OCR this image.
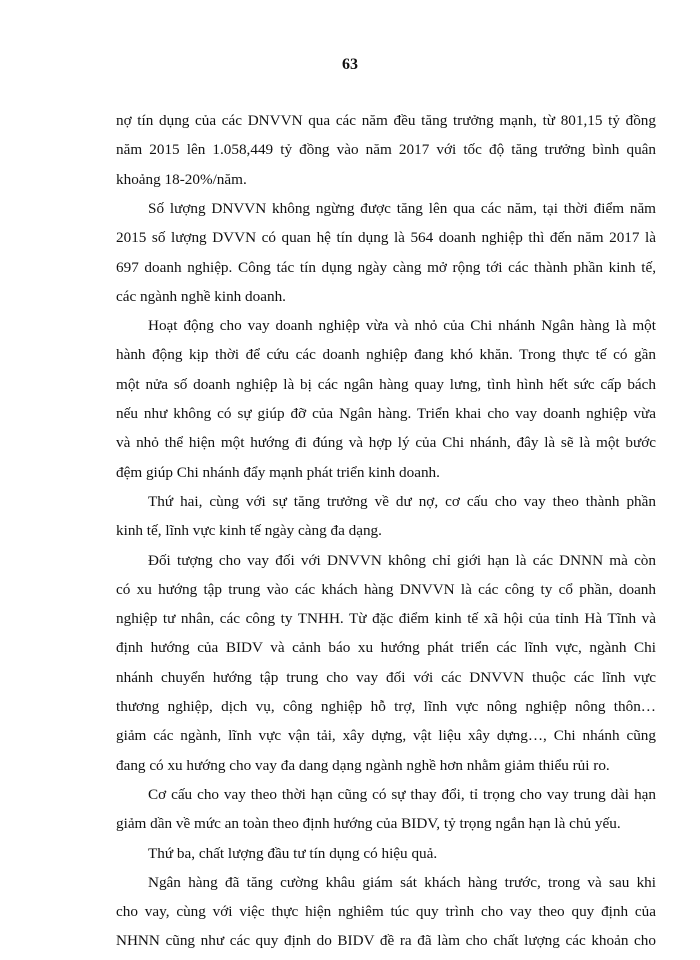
63
nợ tín dụng của các DNVVN qua các năm đều tăng trưởng mạnh, từ 801,15 tỷ đồng
năm 2015 lên 1.058,449 tỷ đồng vào năm 2017 với tốc độ tăng trưởng bình quân
khoảng 18-20%/năm.
Số lượng DNVVN không ngừng được tăng lên qua các năm, tại thời điểm năm
2015 số lượng DVVN có quan hệ tín dụng là 564 doanh nghiệp thì đến năm 2017 là
697 doanh nghiệp. Công tác tín dụng ngày càng mở rộng tới các thành phần kinh tế,
các ngành nghề kinh doanh.
Hoạt động cho vay doanh nghiệp vừa và nhỏ của Chi nhánh Ngân hàng là một
hành động kịp thời để cứu các doanh nghiệp đang khó khăn. Trong thực tế có gần
một nửa số doanh nghiệp là bị các ngân hàng quay lưng, tình hình hết sức cấp bách
nếu như không có sự giúp đỡ của Ngân hàng. Triển khai cho vay doanh nghiệp vừa
và nhỏ thể hiện một hướng đi đúng và hợp lý của Chi nhánh, đây là sẽ là một bước
đệm giúp Chi nhánh đẩy mạnh phát triển kinh doanh.
Thứ hai, cùng với sự tăng trưởng về dư nợ, cơ cấu cho vay theo thành phần
kinh tế, lĩnh vực kinh tế ngày càng đa dạng.
Đối tượng cho vay đối với DNVVN không chỉ giới hạn là các DNNN mà còn
có xu hướng tập trung vào các khách hàng DNVVN là các công ty cổ phần, doanh
nghiệp tư nhân, các công ty TNHH. Từ đặc điểm kinh tế xã hội của tỉnh Hà Tĩnh và
định hướng của BIDV và cảnh báo xu hướng phát triển các lĩnh vực, ngành Chi
nhánh chuyển hướng tập trung cho vay đối với các DNVVN thuộc các lĩnh vực
thương nghiệp, dịch vụ, công nghiệp hỗ trợ, lĩnh vực nông nghiệp nông thôn…
giảm các ngành, lĩnh vực vận tải, xây dựng, vật liệu xây dựng…, Chi nhánh cũng
đang có xu hướng cho vay đa dang dạng ngành nghề hơn nhằm giảm thiểu rủi ro.
Cơ cấu cho vay theo thời hạn cũng có sự thay đổi, tỉ trọng cho vay trung dài hạn
giảm dần về mức an toàn theo định hướng của BIDV, tỷ trọng ngắn hạn là chủ yếu.
Thứ ba, chất lượng đầu tư tín dụng có hiệu quả.
Ngân hàng đã tăng cường khâu giám sát khách hàng trước, trong và sau khi
cho vay, cùng với việc thực hiện nghiêm túc quy trình cho vay theo quy định của
NHNN cũng như các quy định do BIDV đề ra đã làm cho chất lượng các khoản cho
